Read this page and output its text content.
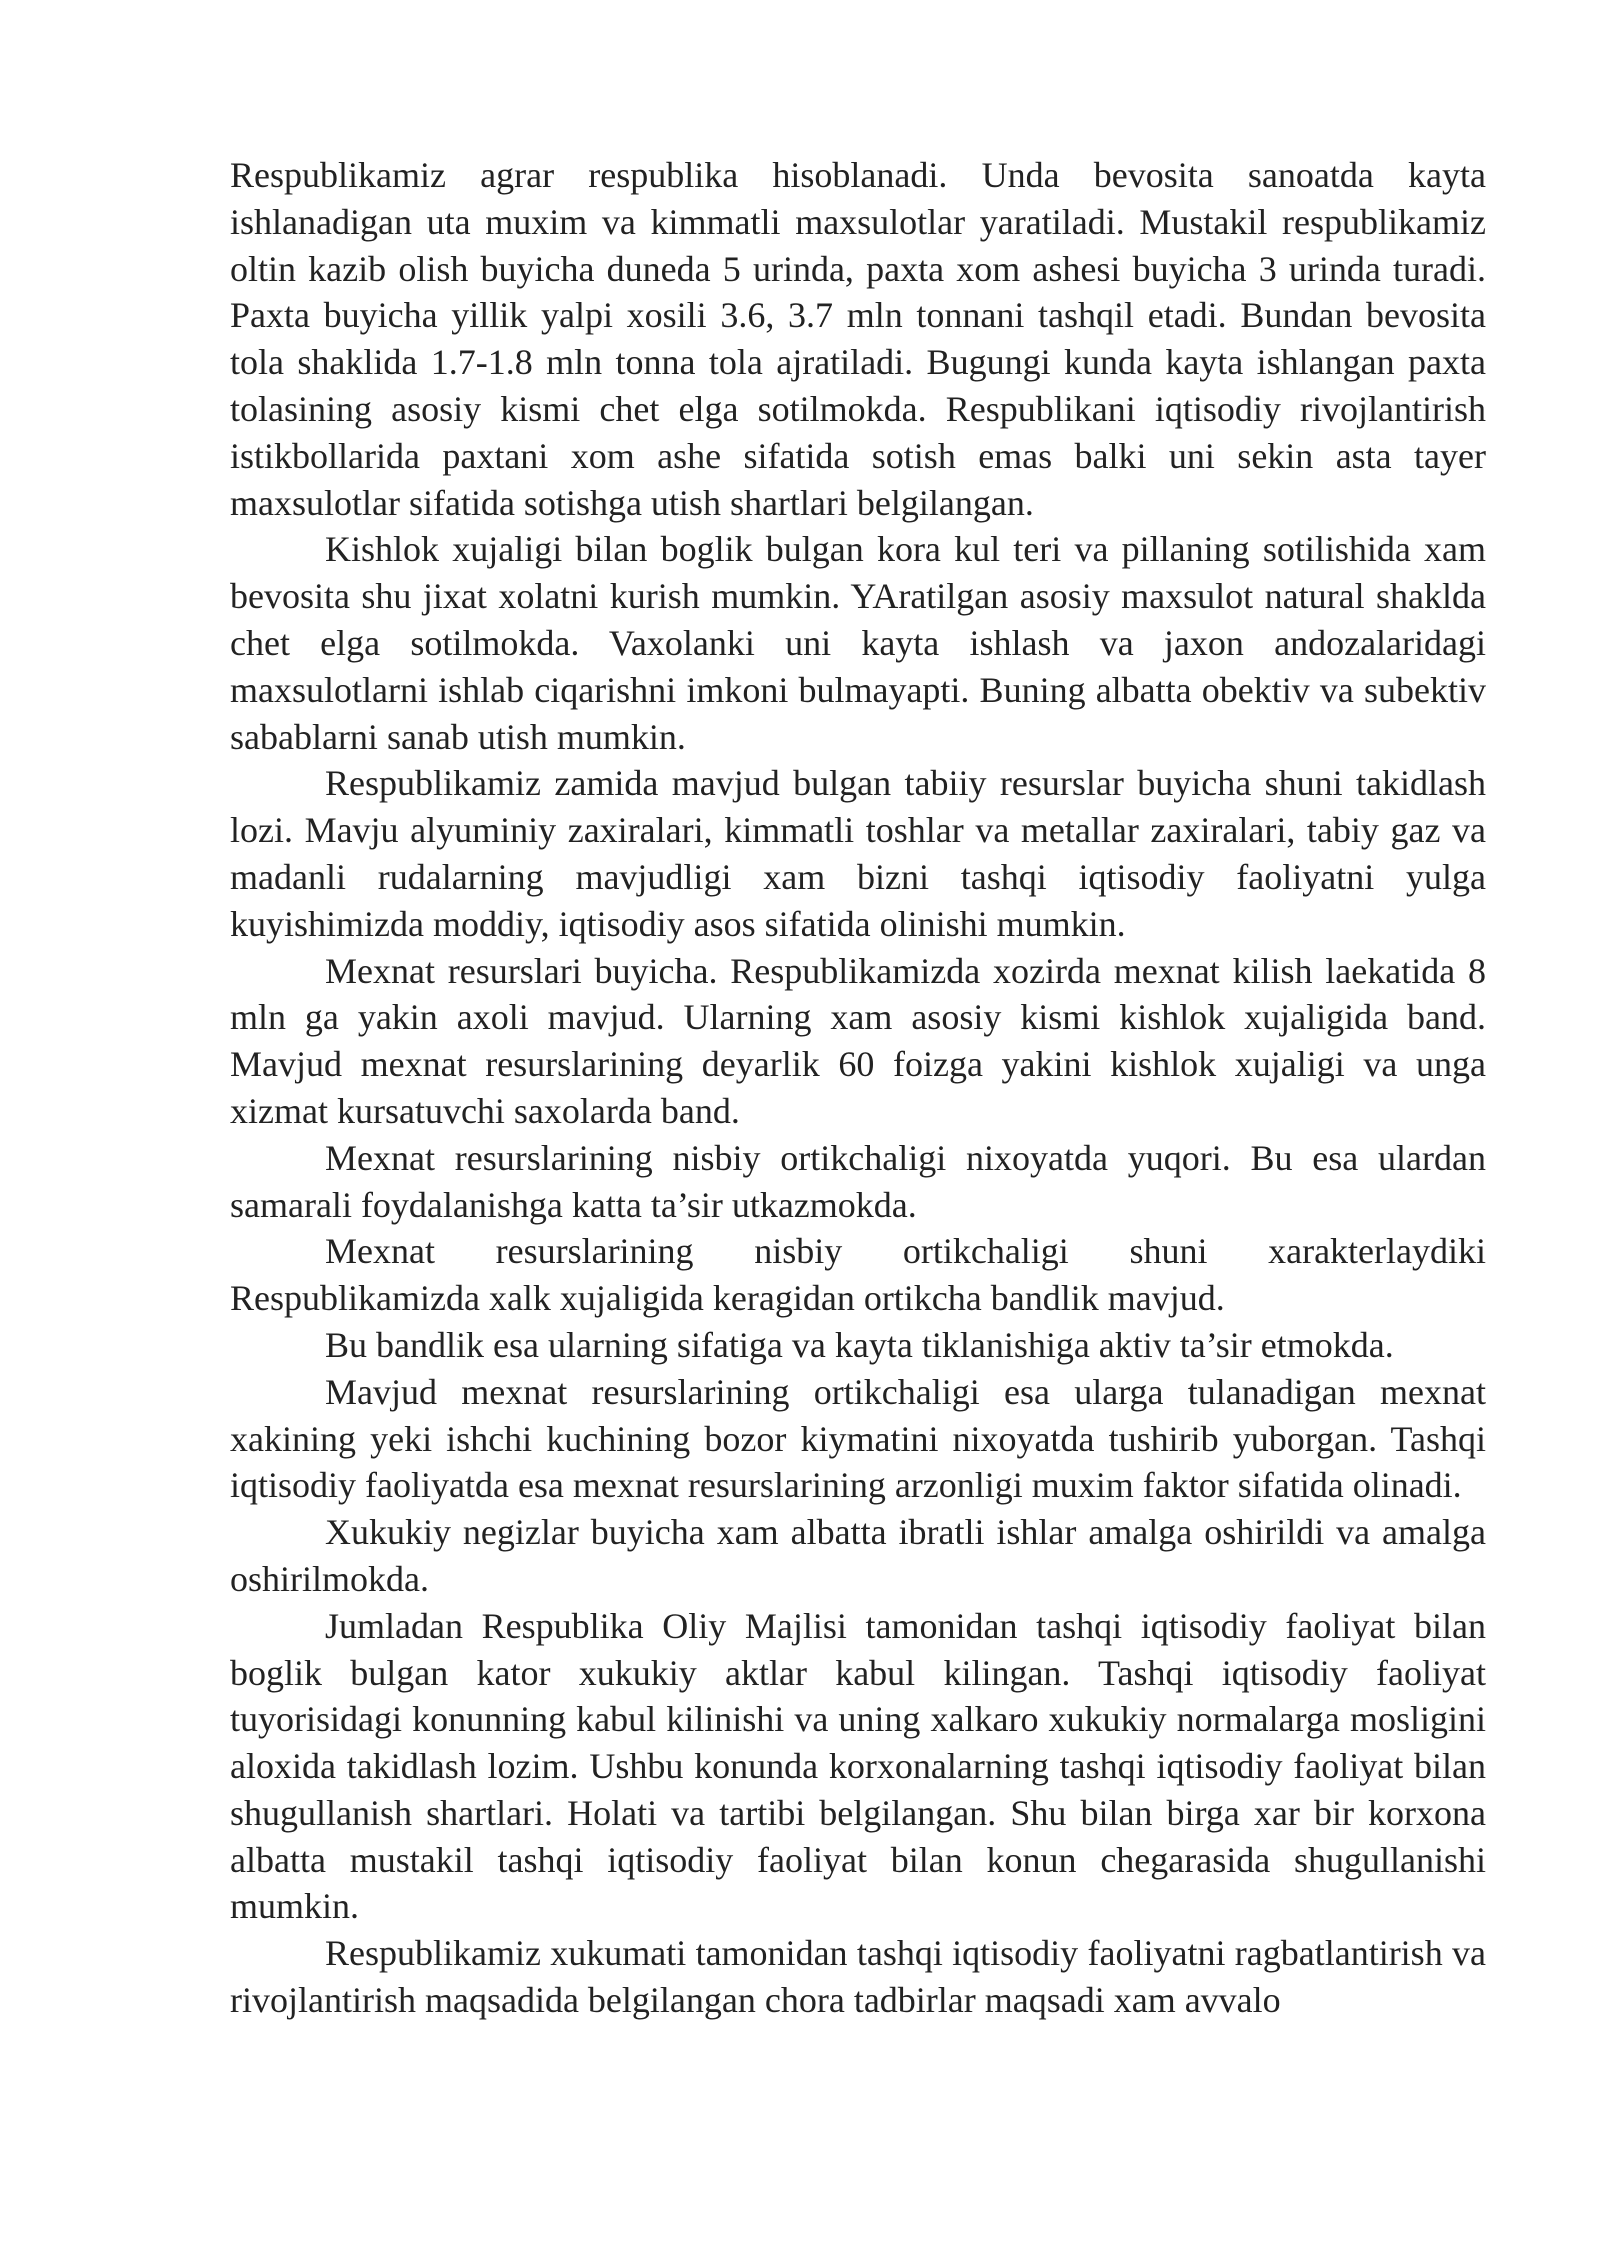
Respublikamiz agrar respublika hisoblanadi. Unda bevosita sanoatda kayta ishlanadigan uta muxim va kimmatli maxsulotlar yaratiladi. Mustakil respublikamiz oltin kazib olish buyicha duneda 5 urinda, paxta xom ashesi buyicha 3 urinda turadi. Paxta buyicha yillik yalpi xosili 3.6, 3.7 mln tonnani tashqil etadi. Bundan bevosita tola shaklida 1.7-1.8 mln tonna tola ajratiladi. Bugungi kunda kayta ishlangan paxta tolasining asosiy kismi chet elga sotilmokda. Respublikani iqtisodiy rivojlantirish istikbollarida paxtani xom ashe sifatida sotish emas balki uni sekin asta tayer maxsulotlar sifatida sotishga utish shartlari belgilangan.

Kishlok xujaligi bilan boglik bulgan kora kul teri va pillaning sotilishida xam bevosita shu jixat xolatni kurish mumkin. YAratilgan asosiy maxsulot natural shakldа chet elga sotilmokda. Vaxolanki uni kayta ishlash va jaxon andozalaridagi maxsulotlarni ishlab ciqarishni imkoni bulmayapti. Buning albatta obektiv va subektiv sabablarni sanab utish mumkin.

Respublikamiz zamida mavjud bulgan tabiiy resurslar buyicha shuni takidlash lozi. Mavju alyuminiy zaxiralari, kimmatli toshlar va metallar zaxiralari, tabiy gaz va madanli rudalarning mavjudligi xam bizni tashqi iqtisodiy faoliyatni yulga kuyishimizda moddiy, iqtisodiy asos sifatida olinishi mumkin.

Mexnat resurslari buyicha. Respublikamizda xozirda mexnat kilish laekatida 8 mln ga yakin axoli mavjud. Ularning xam asosiy kismi kishlok xujaligida band. Mavjud mexnat resurslarining deyarlik 60 foizga yakini kishlok xujaligi va unga xizmat kursatuvchi saxolarda band.

Mexnat resurslarining nisbiy ortikchaligi nixoyatda yuqori. Bu esa ulardan samarali foydalanishga katta ta’sir utkazmokda.

Mexnat resurslarining nisbiy ortikchaligi shuni xarakterlaydiki Respublikamizda xalk xujaligida keragidan ortikcha bandlik mavjud.

Bu bandlik esa ularning sifatiga va kayta tiklanishiga aktiv ta’sir etmokda.

Mavjud mexnat resurslarining ortikchaligi esa ularga tulanadigan mexnat xakining yeki ishchi kuchining bozor kiymatini nixoyatda tushirib yuborgan. Tashqi iqtisodiy faoliyatda esa mexnat resurslarining arzonligi muxim faktor sifatida olinadi.

Xukukiy negizlar buyicha xam albatta ibratli ishlar amalga oshirildi va amalga oshirilmokda.

Jumladan Respublika Oliy Majlisi tamonidan tashqi iqtisodiy faoliyat bilan boglik bulgan kator xukukiy aktlar kabul kilingan. Tashqi iqtisodiy faoliyat tuyorisidagi konunning kabul kilinishi va uning xalkaro xukukiy normalarga mosligini aloxida takidlash lozim. Ushbu konunda korxonalarning tashqi iqtisodiy faoliyat bilan shugullanish shartlari. Holati va tartibi belgilangan. Shu bilan birga xar bir korxona albatta mustakil tashqi iqtisodiy faoliyat bilan konun chegarasida shugullanishi mumkin.

Respublikamiz xukumati tamonidan tashqi iqtisodiy faoliyatni ragbatlantirish va rivojlantirish maqsadida belgilangan chora tadbirlar maqsadi xam avvalo
